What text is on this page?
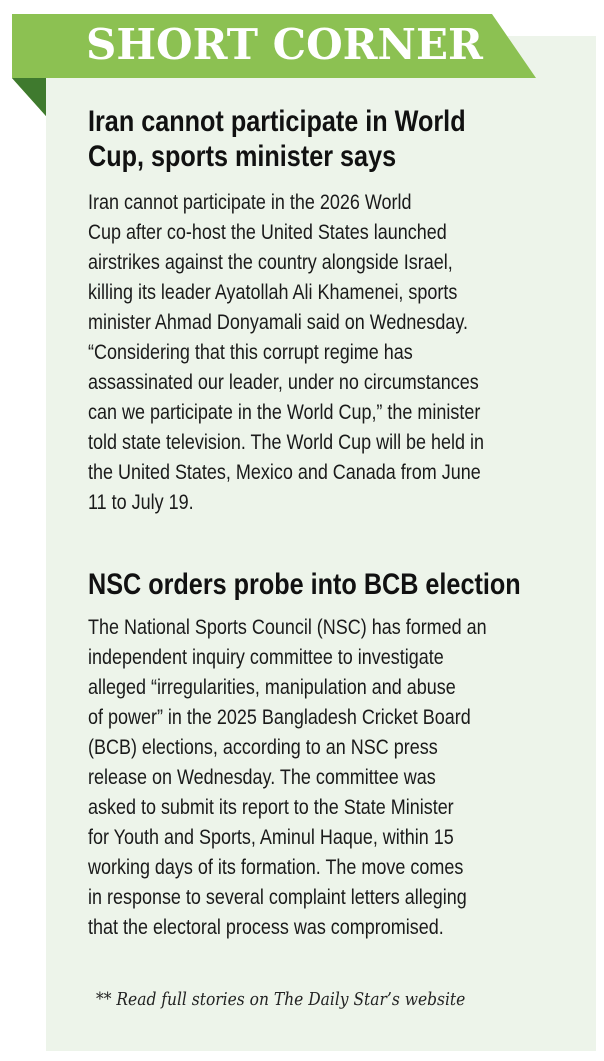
SHORT CORNER
Iran cannot participate in World
Cup, sports minister says
Iran cannot participate in the 2026 World
Cup after co-host the United States launched
airstrikes against the country alongside Israel,
killing its leader Ayatollah Ali Khamenei, sports
minister Ahmad Donyamali said on Wednesday.
“Considering that this corrupt regime has
assassinated our leader, under no circumstances
can we participate in the World Cup,” the minister
told state television. The World Cup will be held in
the United States, Mexico and Canada from June
11 to July 19.
NSC orders probe into BCB election
The National Sports Council (NSC) has formed an
independent inquiry committee to investigate
alleged “irregularities, manipulation and abuse
of power” in the 2025 Bangladesh Cricket Board
(BCB) elections, according to an NSC press
release on Wednesday. The committee was
asked to submit its report to the State Minister
for Youth and Sports, Aminul Haque, within 15
working days of its formation. The move comes
in response to several complaint letters alleging
that the electoral process was compromised.

** Read full stories on The Daily Star’s website
